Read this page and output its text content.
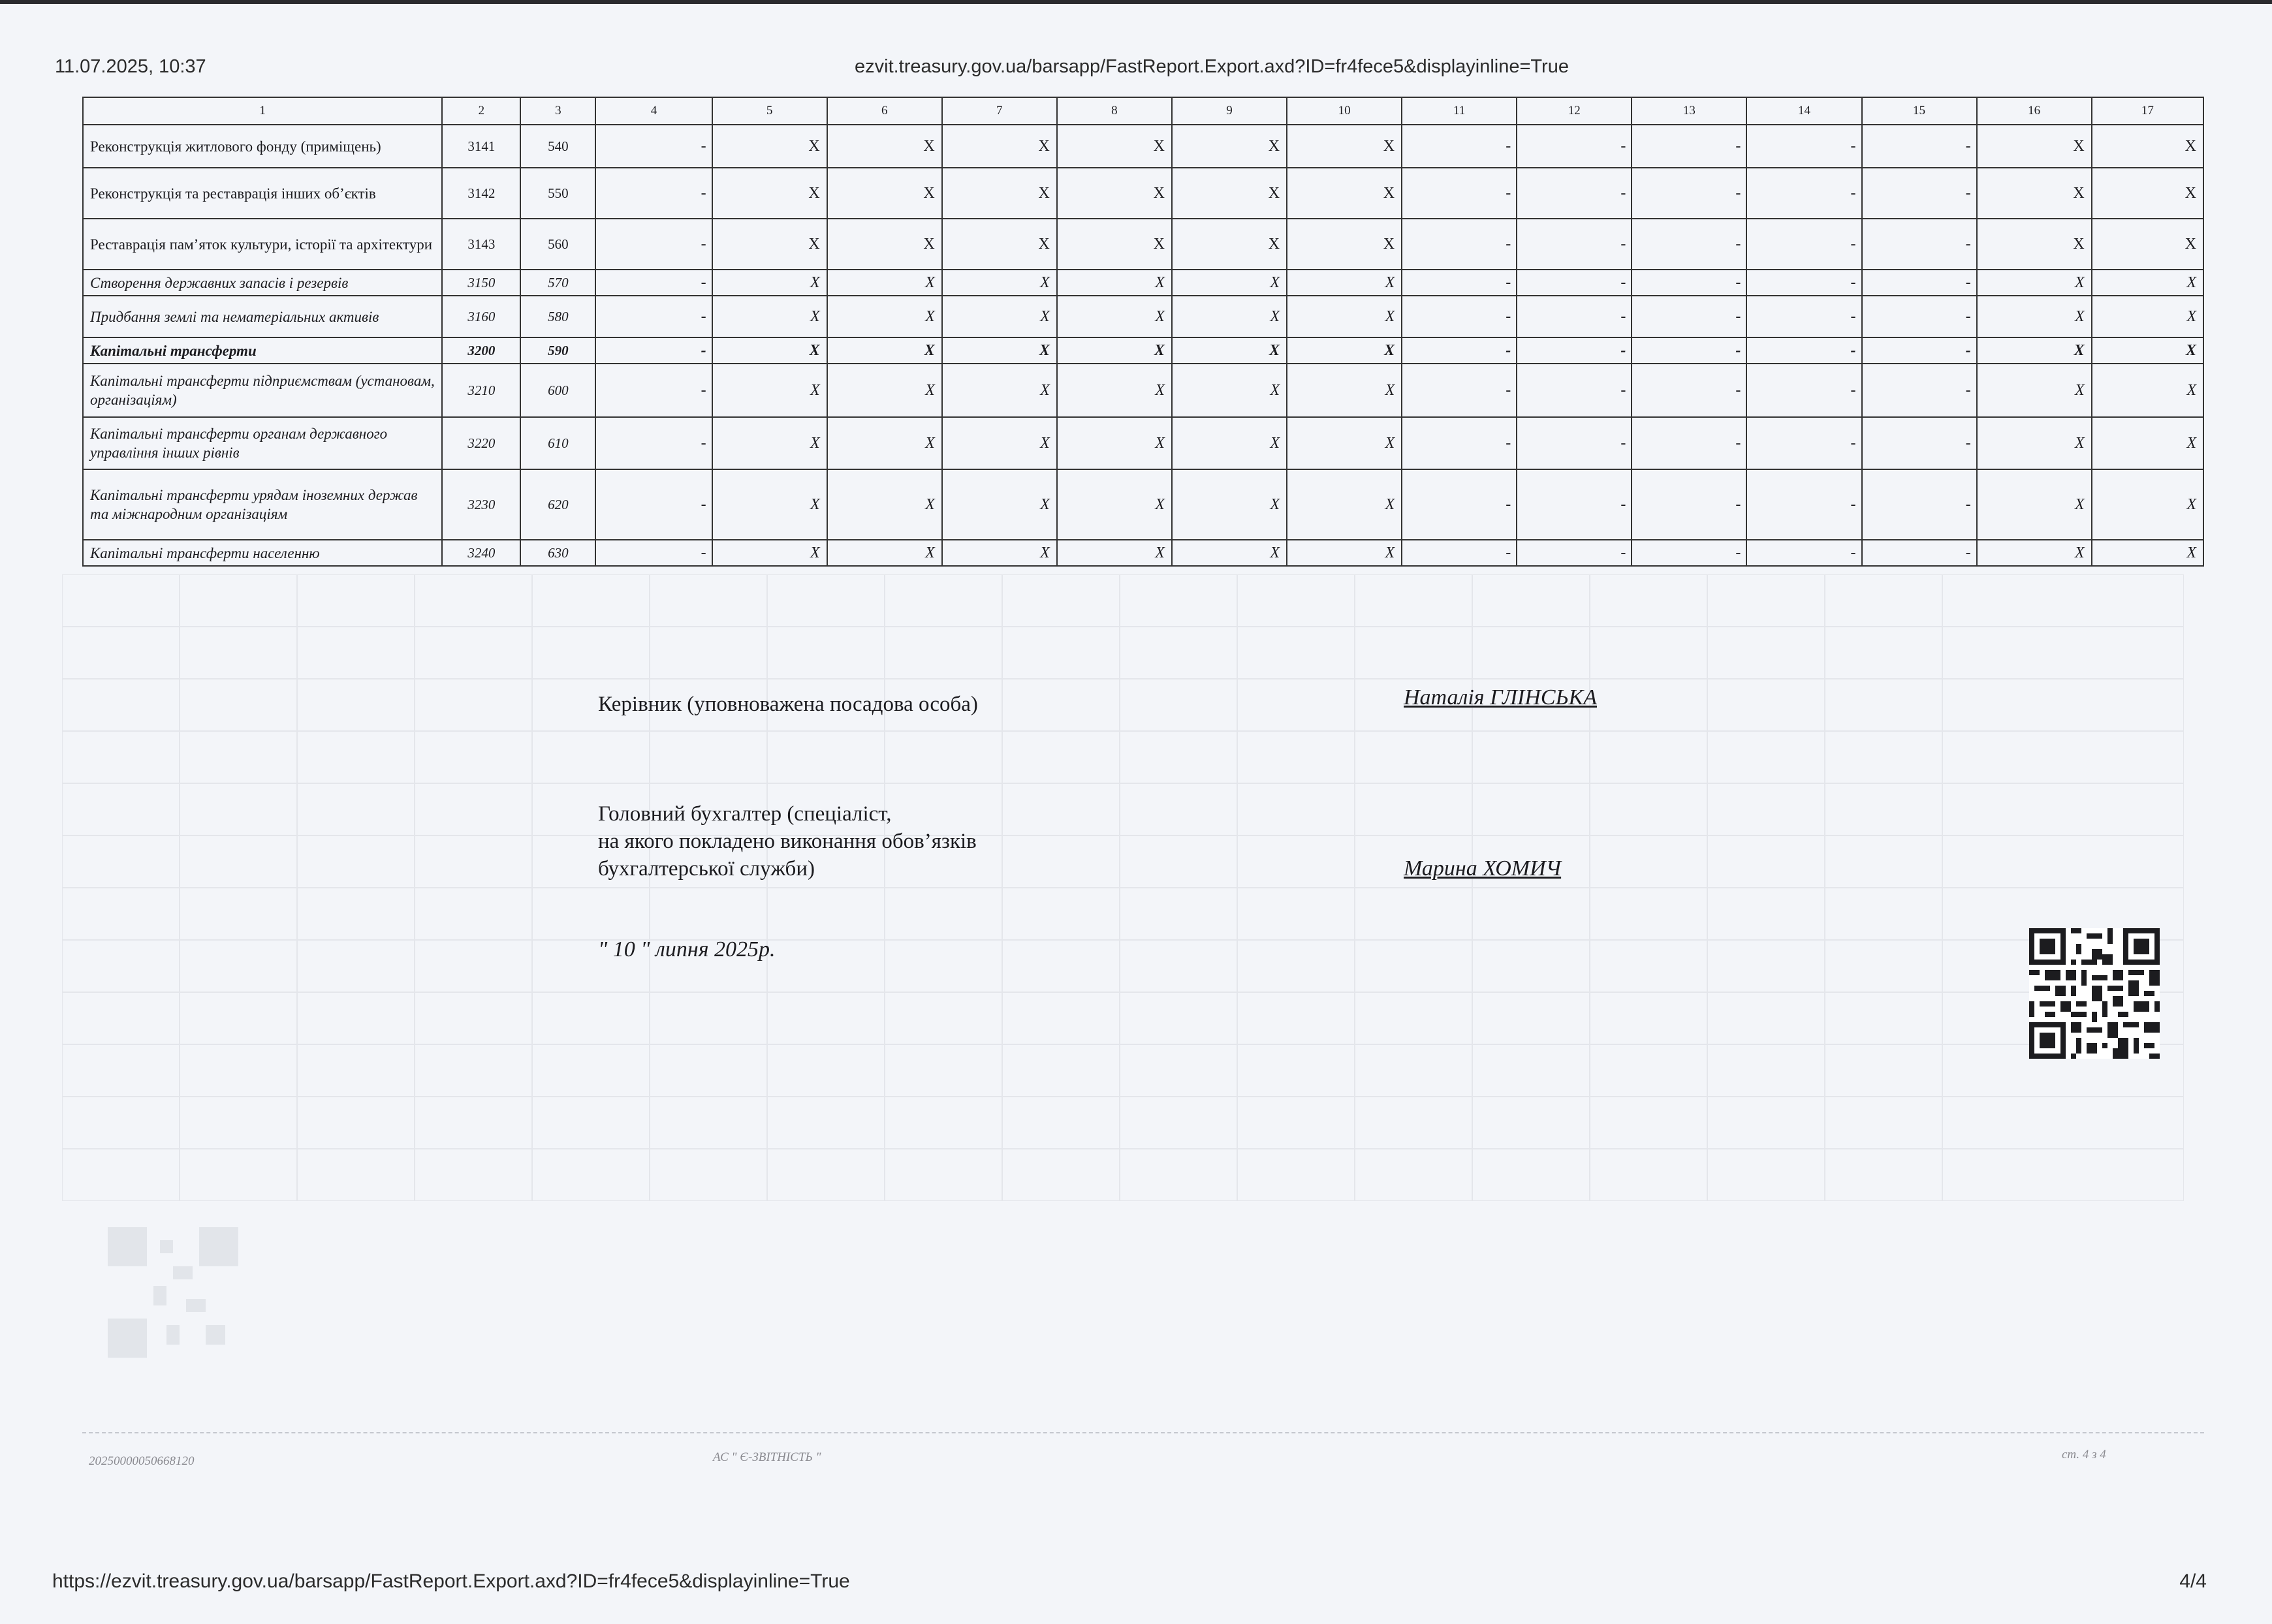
11.07.2025, 10:37	ezvit.treasury.gov.ua/barsapp/FastReport.Export.axd?ID=fr4fece5&displayinline=True
1	2	3	4	5	6	7	8	9	10	11	12	13	14	15	16	17
Реконструкція житлового фонду (приміщень)	3141	540	-	X	X	X	X	X	X	-	-	-	-	-	X	X
Реконструкція та реставрація інших об’єктів	3142	550	-	X	X	X	X	X	X	-	-	-	-	-	X	X
Реставрація пам’яток культури, історії та архітектури	3143	560	-	X	X	X	X	X	X	-	-	-	-	-	X	X
Створення державних запасів і резервів	3150	570	-	X	X	X	X	X	X	-	-	-	-	-	X	X
Придбання землі та нематеріальних активів	3160	580	-	X	X	X	X	X	X	-	-	-	-	-	X	X
Капітальні трансферти	3200	590	-	X	X	X	X	X	X	-	-	-	-	-	X	X
Капітальні трансферти підприємствам (установам, організаціям)	3210	600	-	X	X	X	X	X	X	-	-	-	-	-	X	X
Капітальні трансферти органам державного управління інших рівнів	3220	610	-	X	X	X	X	X	X	-	-	-	-	-	X	X
Капітальні трансферти урядам іноземних держав та міжнародним організаціям	3230	620	-	X	X	X	X	X	X	-	-	-	-	-	X	X
Капітальні трансферти населенню	3240	630	-	X	X	X	X	X	X	-	-	-	-	-	X	X
Керівник (уповноважена посадова особа)	Наталія ГЛІНСЬКА
Головний бухгалтер (спеціаліст,
на якого покладено виконання обов’язків
бухгалтерської служби)	Марина ХОМИЧ
" 10 " липня 2025р.
20250000050668120	АС " Є-ЗВІТНІСТЬ "	ст. 4 з 4
https://ezvit.treasury.gov.ua/barsapp/FastReport.Export.axd?ID=fr4fece5&displayinline=True	4/4
